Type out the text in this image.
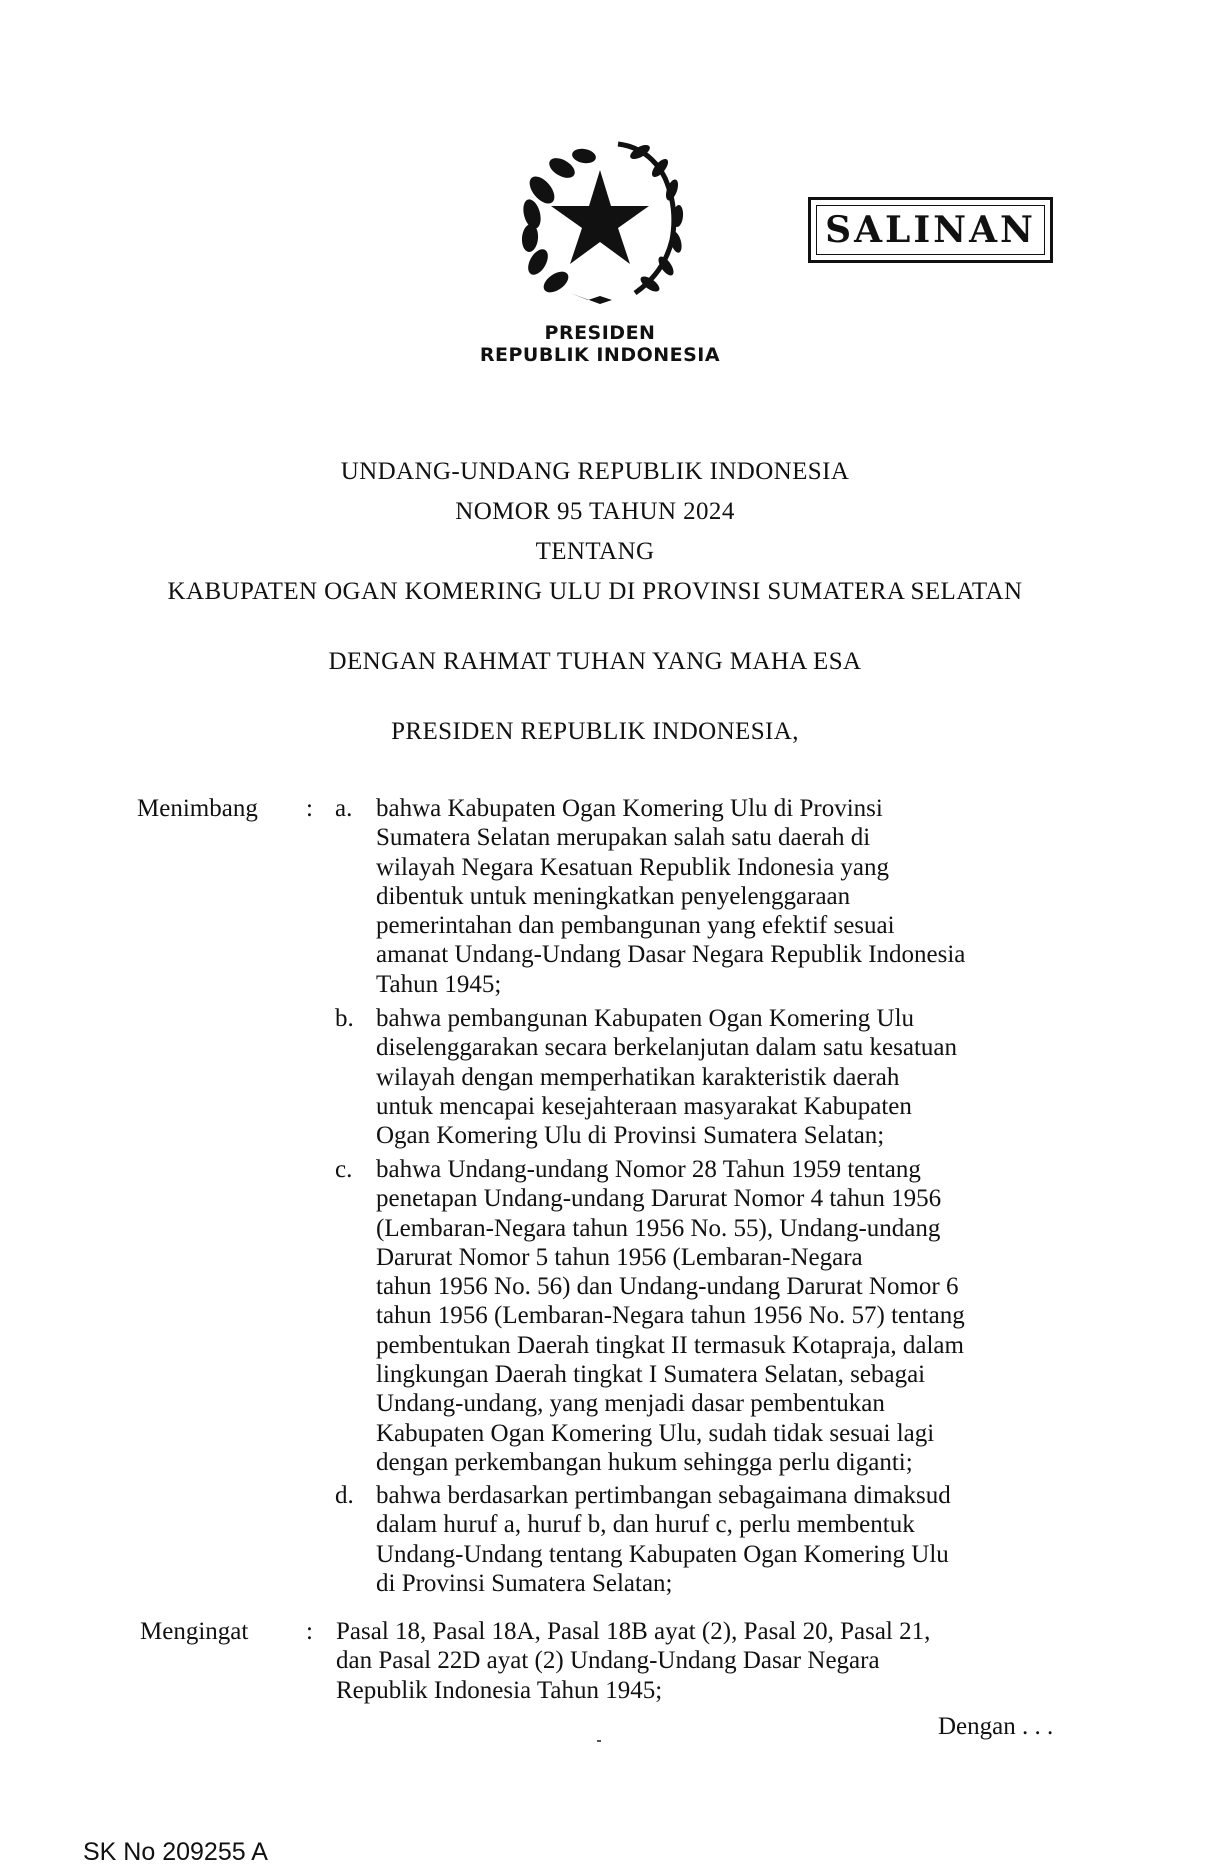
SALINAN
PRESIDEN
REPUBLIK INDONESIA
UNDANG-UNDANG REPUBLIK INDONESIA
NOMOR 95 TAHUN 2024
TENTANG
KABUPATEN OGAN KOMERING ULU DI PROVINSI SUMATERA SELATAN
DENGAN RAHMAT TUHAN YANG MAHA ESA
PRESIDEN REPUBLIK INDONESIA,
Menimbang : a. bahwa Kabupaten Ogan Komering Ulu di Provinsi
Sumatera Selatan merupakan salah satu daerah di
wilayah Negara Kesatuan Republik Indonesia yang
dibentuk untuk meningkatkan penyelenggaraan
pemerintahan dan pembangunan yang efektif sesuai
amanat Undang-Undang Dasar Negara Republik Indonesia
Tahun 1945;
b. bahwa pembangunan Kabupaten Ogan Komering Ulu
diselenggarakan secara berkelanjutan dalam satu kesatuan
wilayah dengan memperhatikan karakteristik daerah
untuk mencapai kesejahteraan masyarakat Kabupaten
Ogan Komering Ulu di Provinsi Sumatera Selatan;
c. bahwa Undang-undang Nomor 28 Tahun 1959 tentang
penetapan Undang-undang Darurat Nomor 4 tahun 1956
(Lembaran-Negara tahun 1956 No. 55), Undang-undang
Darurat Nomor 5 tahun 1956 (Lembaran-Negara
tahun 1956 No. 56) dan Undang-undang Darurat Nomor 6
tahun 1956 (Lembaran-Negara tahun 1956 No. 57) tentang
pembentukan Daerah tingkat II termasuk Kotapraja, dalam
lingkungan Daerah tingkat I Sumatera Selatan, sebagai
Undang-undang, yang menjadi dasar pembentukan
Kabupaten Ogan Komering Ulu, sudah tidak sesuai lagi
dengan perkembangan hukum sehingga perlu diganti;
d. bahwa berdasarkan pertimbangan sebagaimana dimaksud
dalam huruf a, huruf b, dan huruf c, perlu membentuk
Undang-Undang tentang Kabupaten Ogan Komering Ulu
di Provinsi Sumatera Selatan;
Mengingat : Pasal 18, Pasal 18A, Pasal 18B ayat (2), Pasal 20, Pasal 21,
dan Pasal 22D ayat (2) Undang-Undang Dasar Negara
Republik Indonesia Tahun 1945;
Dengan . . .
SK No 209255 A
